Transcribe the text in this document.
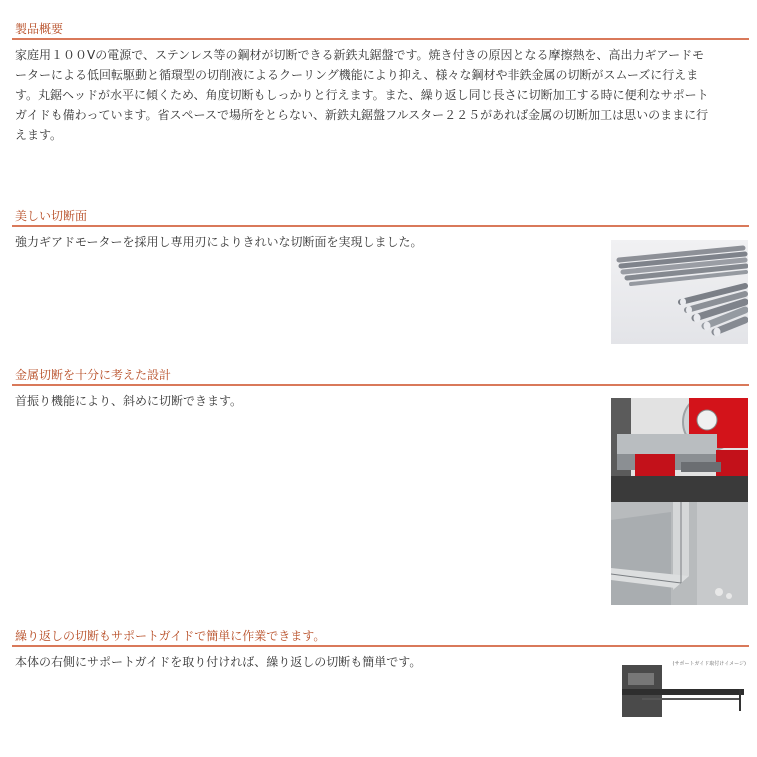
製品概要
家庭用１００Vの電源で、ステンレス等の鋼材が切断できる新鉄丸鋸盤です。焼き付きの原因となる摩擦熱を、高出力ギアードモ
ーターによる低回転駆動と循環型の切削液によるクーリング機能により抑え、様々な鋼材や非鉄金属の切断がスムーズに行えま
す。丸鋸ヘッドが水平に傾くため、角度切断もしっかりと行えます。また、繰り返し同じ長さに切断加工する時に便利なサポート
ガイドも備わっています。省スペースで場所をとらない、新鉄丸鋸盤フルスター２２５があれば金属の切断加工は思いのままに行
えます。
美しい切断面
強力ギアドモーターを採用し専用刃によりきれいな切断面を実現しました。
金属切断を十分に考えた設計
首振り機能により、斜めに切断できます。
繰り返しの切断もサポートガイドで簡単に作業できます。
本体の右側にサポートガイドを取り付ければ、繰り返しの切断も簡単です。	(サポートガイド取付けイメージ)
